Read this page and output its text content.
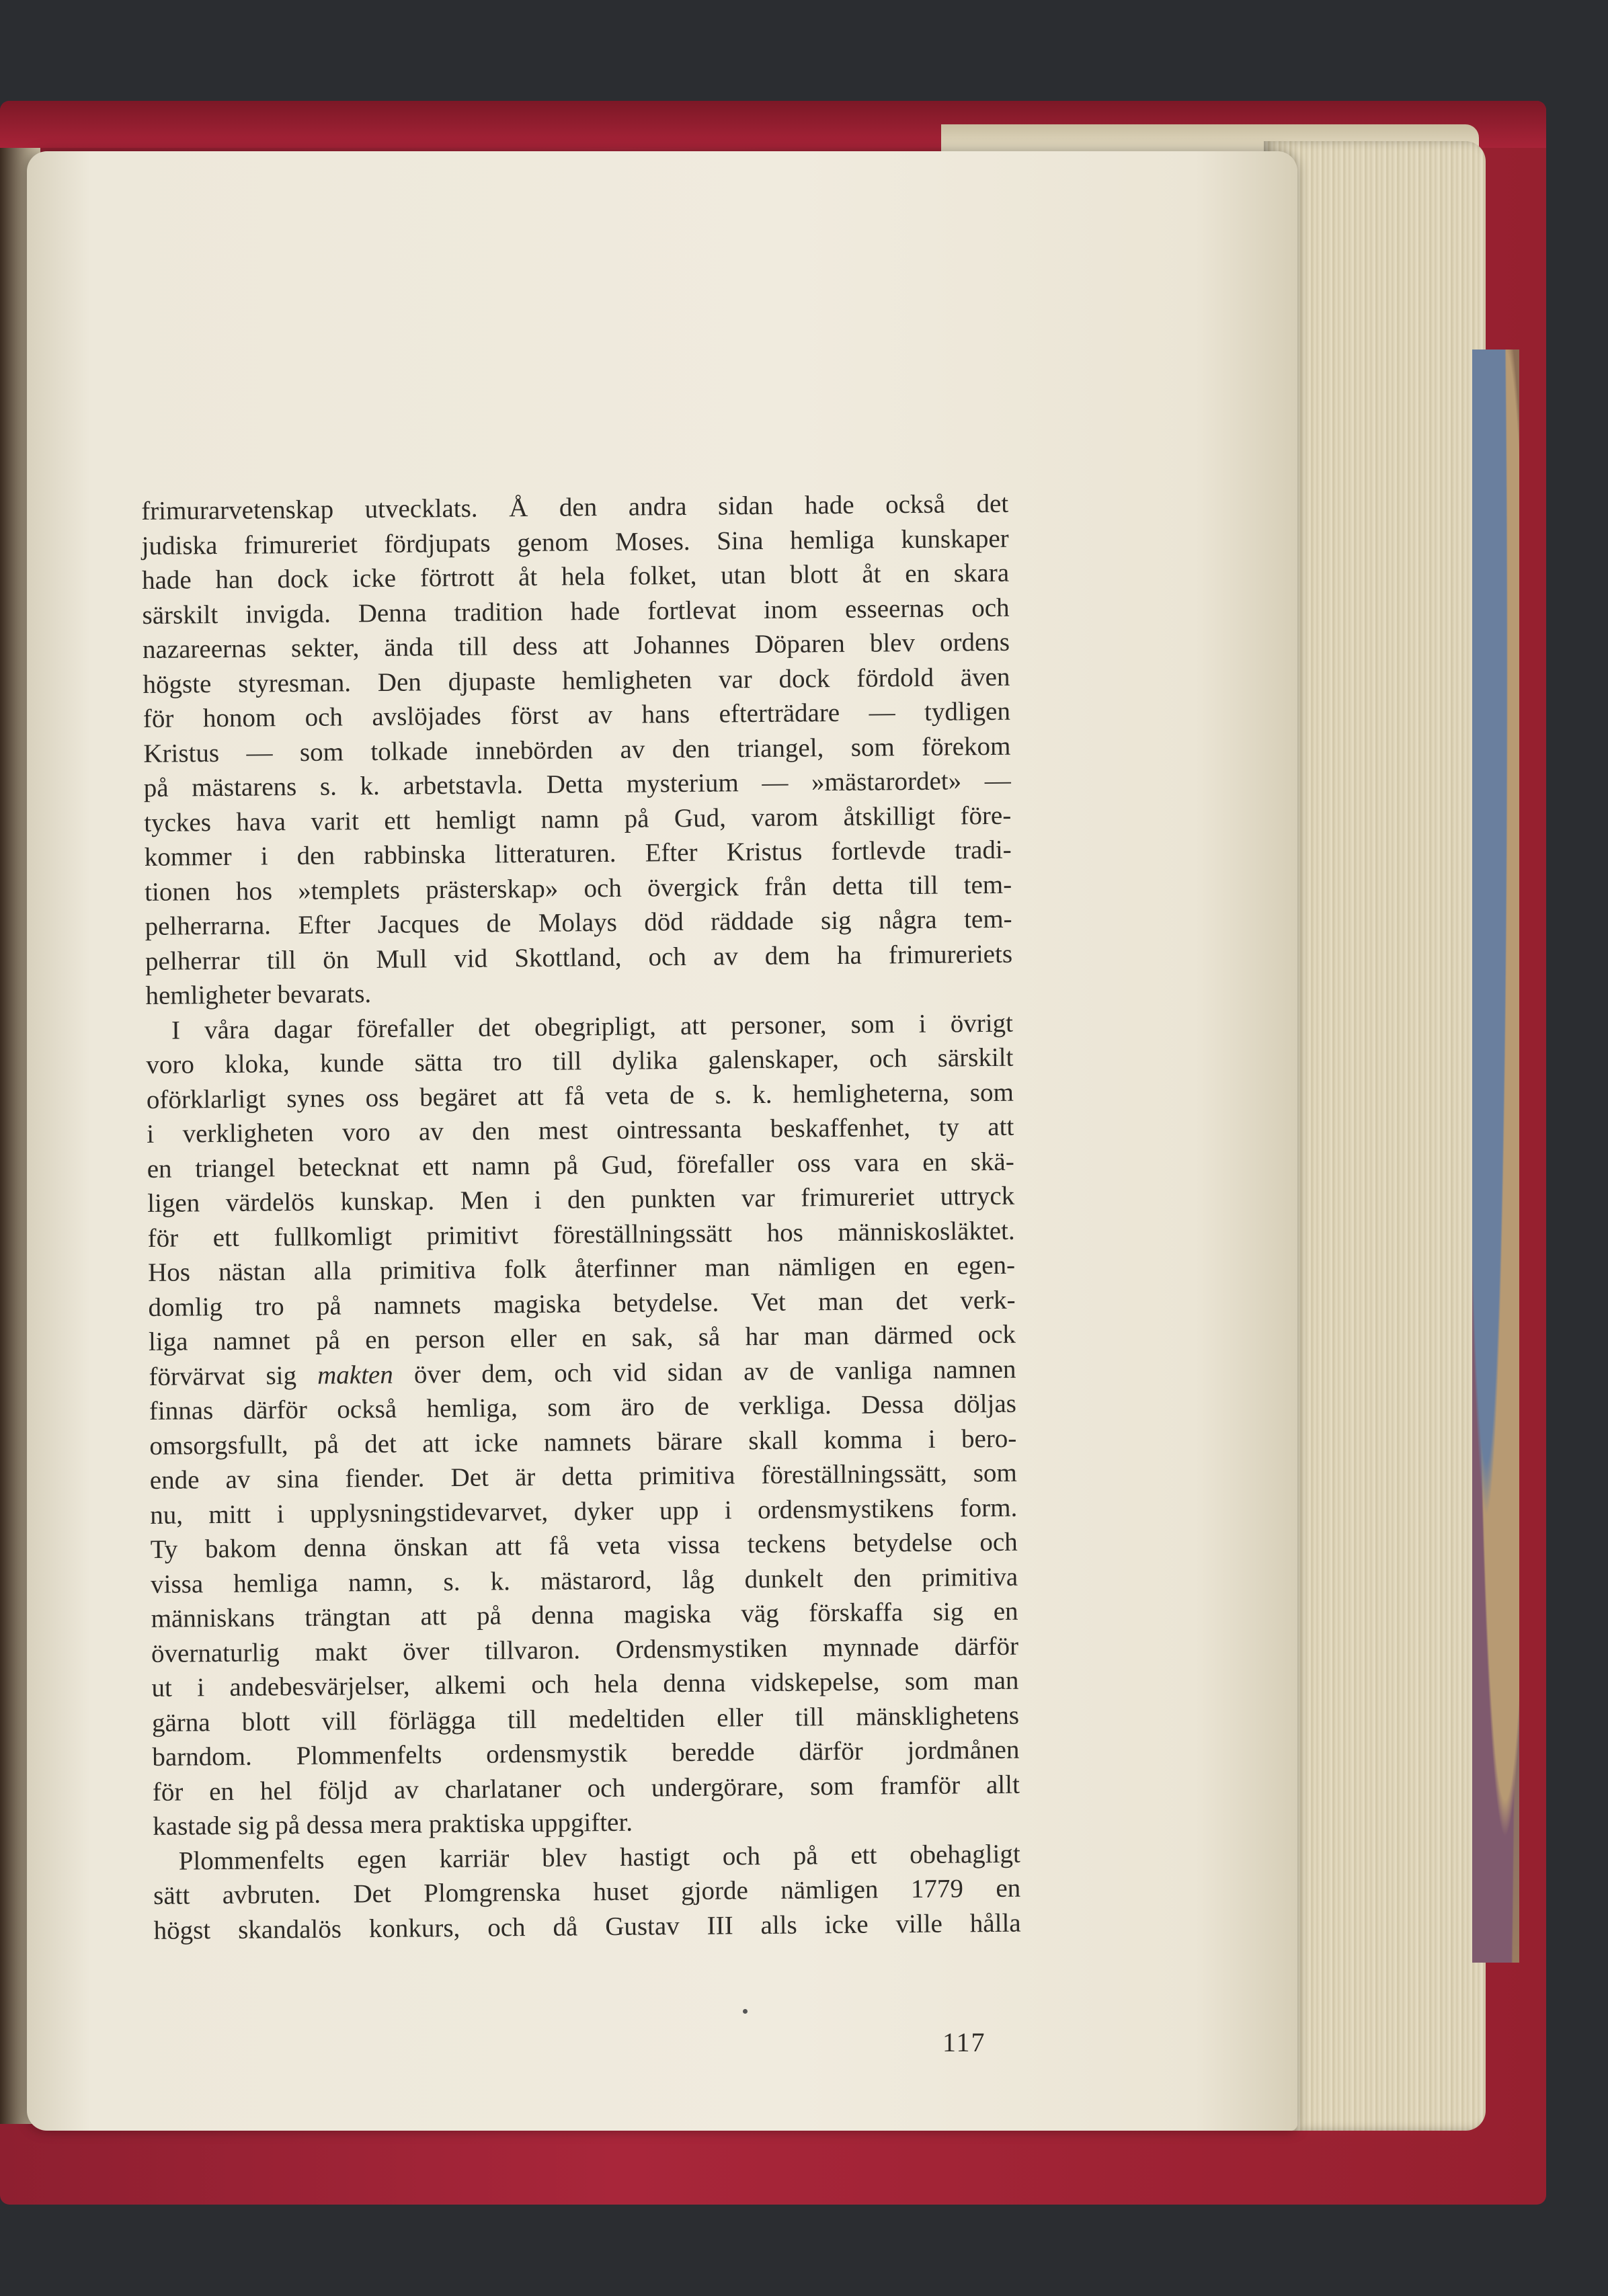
frimurarvetenskap utvecklats. Å den andra sidan hade också det

judiska frimureriet fördjupats genom Moses. Sina hemliga kunskaper

hade han dock icke förtrott åt hela folket, utan blott åt en skara

särskilt invigda. Denna tradition hade fortlevat inom esseernas och

nazareernas sekter, ända till dess att Johannes Döparen blev ordens

högste styresman. Den djupaste hemligheten var dock fördold även

för honom och avslöjades först av hans efterträdare — tydligen

Kristus — som tolkade innebörden av den triangel, som förekom

på mästarens s. k. arbetstavla. Detta mysterium — »mästarordet» —

tyckes hava varit ett hemligt namn på Gud, varom åtskilligt före-

kommer i den rabbinska litteraturen. Efter Kristus fortlevde tradi-

tionen hos »templets prästerskap» och övergick från detta till tem-

pelherrarna. Efter Jacques de Molays död räddade sig några tem-

pelherrar till ön Mull vid Skottland, och av dem ha frimureriets

hemligheter bevarats.

I våra dagar förefaller det obegripligt, att personer, som i övrigt

voro kloka, kunde sätta tro till dylika galenskaper, och särskilt

oförklarligt synes oss begäret att få veta de s. k. hemligheterna, som

i verkligheten voro av den mest ointressanta beskaffenhet, ty att

en triangel betecknat ett namn på Gud, förefaller oss vara en skä-

ligen värdelös kunskap. Men i den punkten var frimureriet uttryck

för ett fullkomligt primitivt föreställningssätt hos människosläktet.

Hos nästan alla primitiva folk återfinner man nämligen en egen-

domlig tro på namnets magiska betydelse. Vet man det verk-

liga namnet på en person eller en sak, så har man därmed ock

förvärvat sig makten över dem, och vid sidan av de vanliga namnen

finnas därför också hemliga, som äro de verkliga. Dessa döljas

omsorgsfullt, på det att icke namnets bärare skall komma i bero-

ende av sina fiender. Det är detta primitiva föreställningssätt, som

nu, mitt i upplysningstidevarvet, dyker upp i ordensmystikens form.

Ty bakom denna önskan att få veta vissa teckens betydelse och

vissa hemliga namn, s. k. mästarord, låg dunkelt den primitiva

människans trängtan att på denna magiska väg förskaffa sig en

övernaturlig makt över tillvaron. Ordensmystiken mynnade därför

ut i andebesvärjelser, alkemi och hela denna vidskepelse, som man

gärna blott vill förlägga till medeltiden eller till mänsklighetens

barndom. Plommenfelts ordensmystik beredde därför jordmånen

för en hel följd av charlataner och undergörare, som framför allt

kastade sig på dessa mera praktiska uppgifter.

Plommenfelts egen karriär blev hastigt och på ett obehagligt

sätt avbruten. Det Plomgrenska huset gjorde nämligen 1779 en

högst skandalös konkurs, och då Gustav III alls icke ville hålla

117
